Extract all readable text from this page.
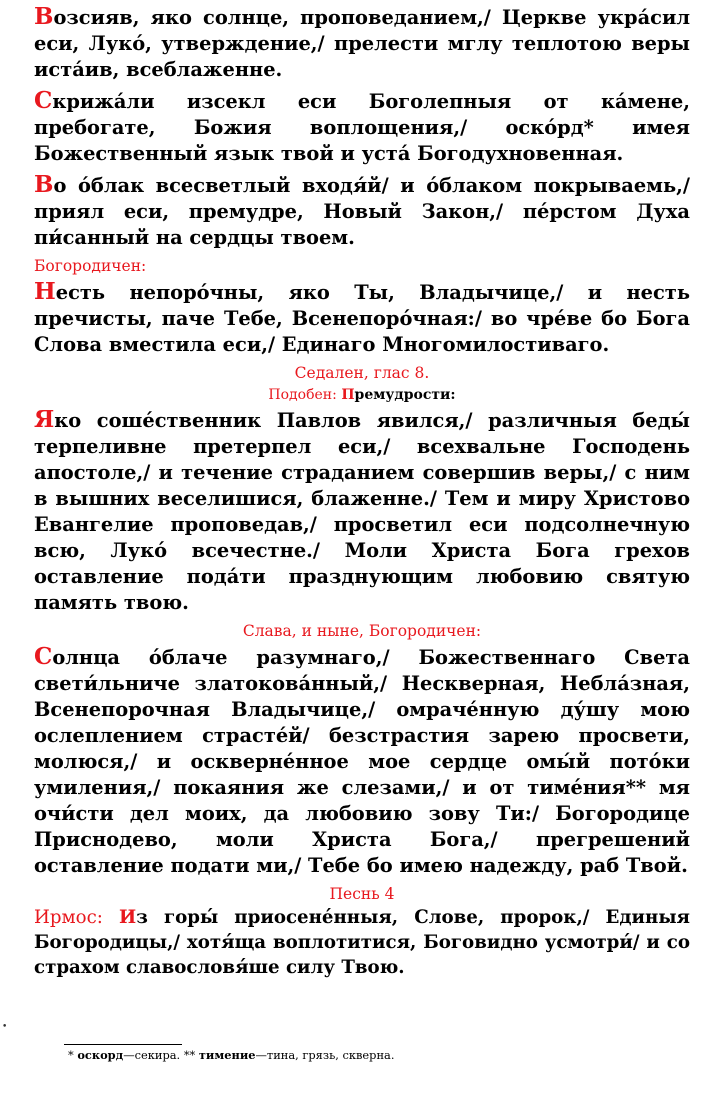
Возсияв, яко солнце, проповеданием,/ Церкве укра́сил еси, Лукó, утверждение,/ прелести мглу теплотою веры иста́ив, всеблаженне.

Скрижа́ли изсекл еси Боголепныя от ка́мене, пребогате, Божия воплощения,/ оскóрд* имея Божественный язык твой и уста́ Богодухновенная.

Во óблак всесветлый входя́й/ и óблаком покрываемь,/ приял еси, премудре, Новый Закон,/ пéрстом Духа пи́санный на сердцы твоем.

Богородичен:

Несть непорóчны, яко Ты, Владычице,/ и несть пречисты, паче Тебе, Всенепорóчная:/ во чрéве бо Бога Слова вместила еси,/ Единаго Многомилостиваго.

Седален, глас 8.
Подобен: Премудрости:

Яко сошéственник Павлов явился,/ различныя беды́ терпеливне претерпел еси,/ всехвальне Господень апостоле,/ и течение страданием совершив веры,/ с ним в вышних веселишися, блаженне./ Тем и миру Христово Евангелие проповедав,/ просветил еси подсолнечную всю, Лукó всечестне./ Моли Христа Бога грехов оставление пода́ти празднующим любовию святую память твою.

Слава, и ныне, Богородичен:

Солнца óблаче разумнаго,/ Божественнаго Света свети́льниче златокова́нный,/ Нескверная, Небла́зная, Всенепорочная Владычице,/ омраче́нную ду́шу мою ослеплением страсте́й/ безстрастия зарею просвети, молюся,/ и оскверне́нное мое сердце омы́й потóки умиления,/ покаяния же слезами,/ и от тимéния** мя очи́сти дел моих, да любовию зову Ти:/ Богородице Приснодево, моли Христа Бога,/ прегрешений оставление подати ми,/ Тебе бо имею надежду, раб Твой.

Песнь 4

Ирмос: Из горы́ приосенéнныя, Слове, пророк,/ Единыя Богородицы,/ хотя́ща воплотитися, Боговидно усмотри́/ и со страхом славословя́ше силу Твою.

•
* оскорд—секира. ** тимение—тина, грязь, скверна.
